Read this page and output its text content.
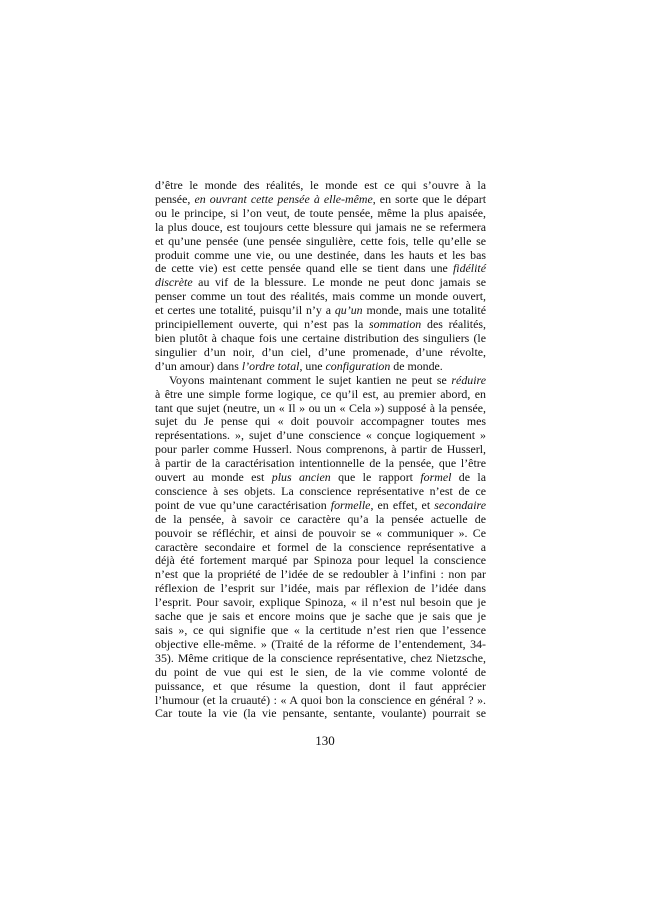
d’être le monde des réalités, le monde est ce qui s’ouvre à la
pensée, en ouvrant cette pensée à elle-même, en sorte que le départ
ou le principe, si l’on veut, de toute pensée, même la plus apaisée,
la plus douce, est toujours cette blessure qui jamais ne se refermera
et qu’une pensée (une pensée singulière, cette fois, telle qu’elle se
produit comme une vie, ou une destinée, dans les hauts et les bas
de cette vie) est cette pensée quand elle se tient dans une fidélité
discrète au vif de la blessure. Le monde ne peut donc jamais se
penser comme un tout des réalités, mais comme un monde ouvert,
et certes une totalité, puisqu’il n’y a qu’un monde, mais une totalité
principiellement ouverte, qui n’est pas la sommation des réalités,
bien plutôt à chaque fois une certaine distribution des singuliers (le
singulier d’un noir, d’un ciel, d’une promenade, d’une révolte,
d’un amour) dans l’ordre total, une configuration de monde.
Voyons maintenant comment le sujet kantien ne peut se réduire
à être une simple forme logique, ce qu’il est, au premier abord, en
tant que sujet (neutre, un « Il » ou un « Cela ») supposé à la pensée,
sujet du Je pense qui « doit pouvoir accompagner toutes mes
représentations. », sujet d’une conscience « conçue logiquement »
pour parler comme Husserl. Nous comprenons, à partir de Husserl,
à partir de la caractérisation intentionnelle de la pensée, que l’être
ouvert au monde est plus ancien que le rapport formel de la
conscience à ses objets. La conscience représentative n’est de ce
point de vue qu’une caractérisation formelle, en effet, et secondaire
de la pensée, à savoir ce caractère qu’a la pensée actuelle de
pouvoir se réfléchir, et ainsi de pouvoir se « communiquer ». Ce
caractère secondaire et formel de la conscience représentative a
déjà été fortement marqué par Spinoza pour lequel la conscience
n’est que la propriété de l’idée de se redoubler à l’infini : non par
réflexion de l’esprit sur l’idée, mais par réflexion de l’idée dans
l’esprit. Pour savoir, explique Spinoza, « il n’est nul besoin que je
sache que je sais et encore moins que je sache que je sais que je
sais », ce qui signifie que « la certitude n’est rien que l’essence
objective elle-même. » (Traité de la réforme de l’entendement, 34-
35). Même critique de la conscience représentative, chez Nietzsche,
du point de vue qui est le sien, de la vie comme volonté de
puissance, et que résume la question, dont il faut apprécier
l’humour (et la cruauté) : « A quoi bon la conscience en général ? ».
Car toute la vie (la vie pensante, sentante, voulante) pourrait se
130
